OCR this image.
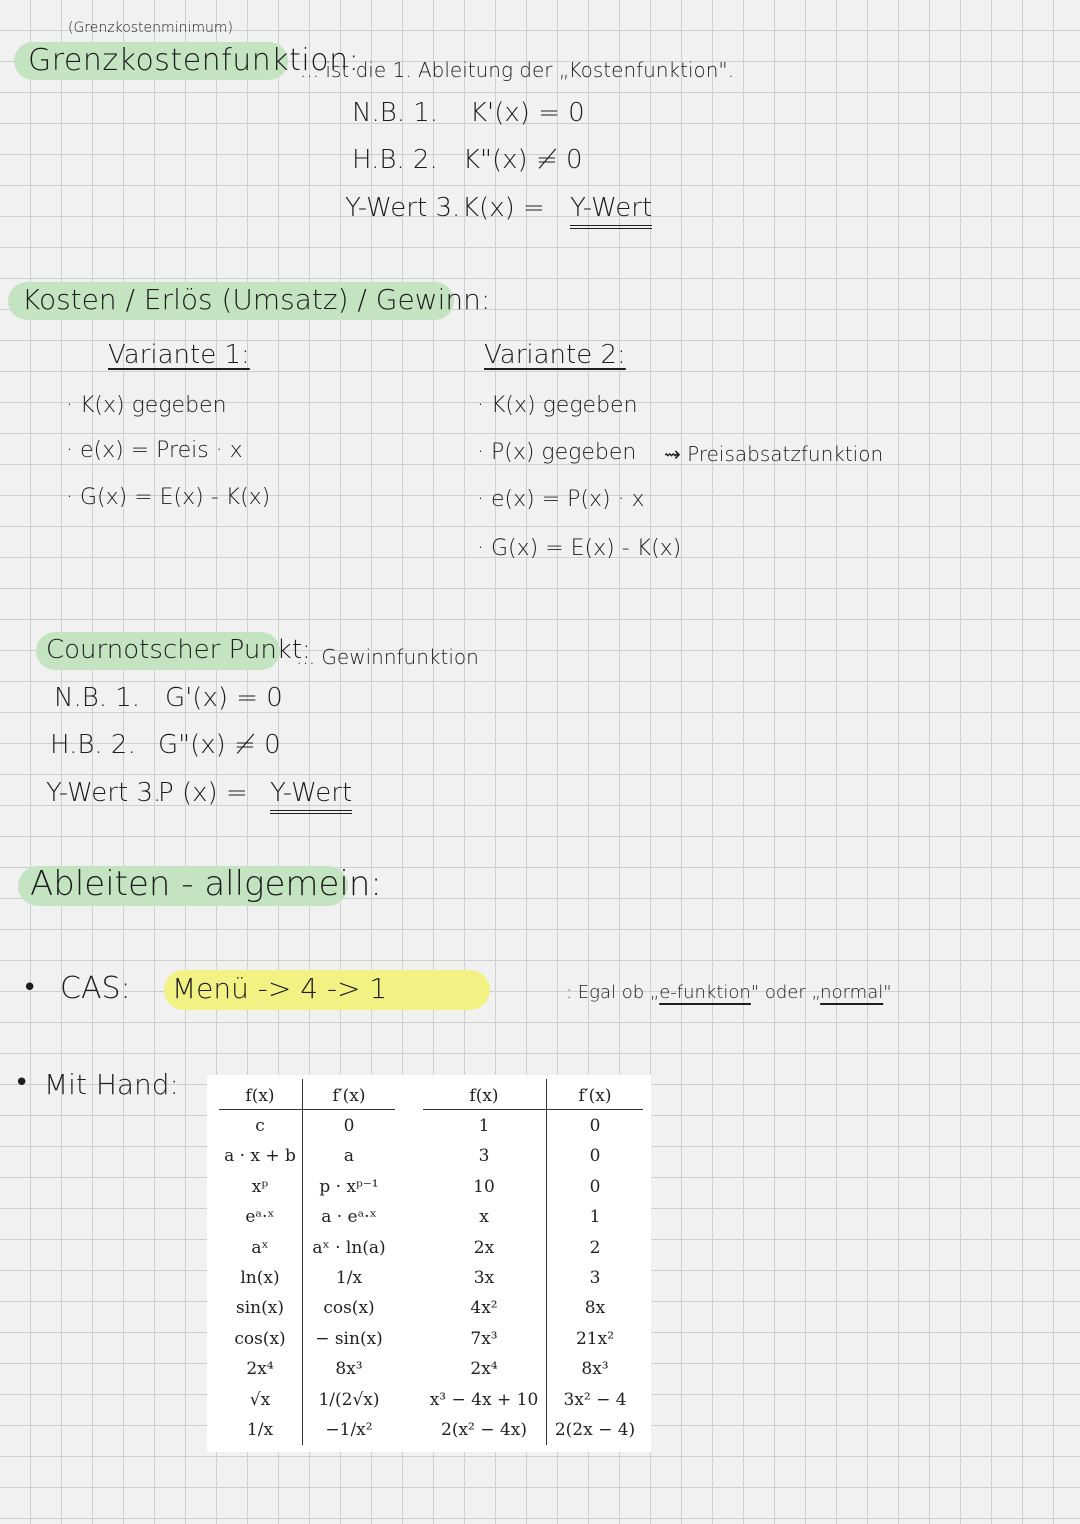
(Grenzkostenminimum)
Grenzkostenfunktion:
... ist die 1. Ableitung der „Kostenfunktion".
N.B. 1. K'(x) = 0
H.B. 2. K"(x) ≠ 0
Y-Wert 3. K(x) = Y-Wert
Kosten / Erlös (Umsatz) / Gewinn:
Variante 1:
· K(x) gegeben
· e(x) = Preis · x
· G(x) = E(x) - K(x)
Variante 2:
· K(x) gegeben
· P(x) gegeben ⇝ Preisabsatzfunktion
· e(x) = P(x) · x
· G(x) = E(x) - K(x)
Cournotscher Punkt:
... Gewinnfunktion
N.B. 1. G'(x) = 0
H.B. 2. G"(x) ≠ 0
Y-Wert 3.
P (x) = Y-Wert
Ableiten - allgemein:
• CAS: Menü -> 4 -> 1	: Egal ob „e-funktion" oder „normal"
• Mit Hand:	f(x)
c
a · x + b
xᵖ
eᵃ·ˣ
aˣ
ln(x)
sin(x)
cos(x)
2x⁴
√x
1/x
f′(x)
0
a
p · xᵖ⁻¹
a · eᵃ·ˣ
aˣ · ln(a)
1/x
cos(x)
− sin(x)
8x³
1/(2√x)
−1/x²
f(x)
1
3
10
x
2x
3x
4x²
7x³
2x⁴
x³ − 4x + 10
2(x² − 4x)
f′(x)
0
0
0
1
2
3
8x
21x²
8x³
3x² − 4
2(2x − 4)
